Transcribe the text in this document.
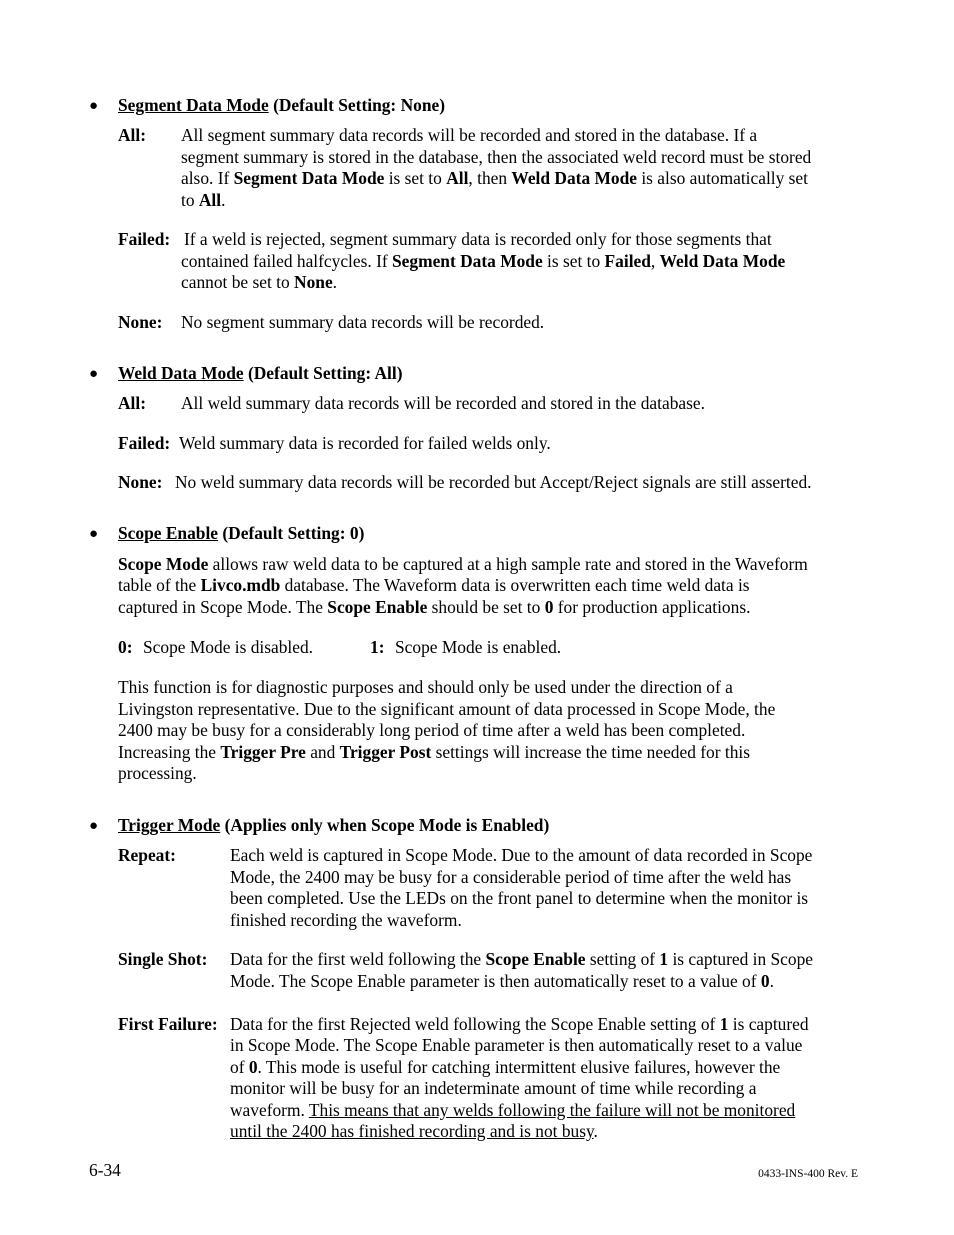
● Segment Data Mode (Default Setting: None)
All: All segment summary data records will be recorded and stored in the database. If a
segment summary is stored in the database, then the associated weld record must be stored
also. If Segment Data Mode is set to All, then Weld Data Mode is also automatically set
to All.
Failed: If a weld is rejected, segment summary data is recorded only for those segments that
contained failed halfcycles. If Segment Data Mode is set to Failed, Weld Data Mode
cannot be set to None.
None: No segment summary data records will be recorded.
● Weld Data Mode (Default Setting: All)
All: All weld summary data records will be recorded and stored in the database.
Failed: Weld summary data is recorded for failed welds only.
None: No weld summary data records will be recorded but Accept/Reject signals are still asserted.
● Scope Enable (Default Setting: 0)
Scope Mode allows raw weld data to be captured at a high sample rate and stored in the Waveform
table of the Livco.mdb database. The Waveform data is overwritten each time weld data is
captured in Scope Mode. The Scope Enable should be set to 0 for production applications.
0: Scope Mode is disabled.	1: Scope Mode is enabled.
This function is for diagnostic purposes and should only be used under the direction of a
Livingston representative. Due to the significant amount of data processed in Scope Mode, the
2400 may be busy for a considerably long period of time after a weld has been completed.
Increasing the Trigger Pre and Trigger Post settings will increase the time needed for this
processing.
● Trigger Mode (Applies only when Scope Mode is Enabled)
Repeat:	Each weld is captured in Scope Mode. Due to the amount of data recorded in Scope
Mode, the 2400 may be busy for a considerable period of time after the weld has
been completed. Use the LEDs on the front panel to determine when the monitor is
finished recording the waveform.
Single Shot: Data for the first weld following the Scope Enable setting of 1 is captured in Scope
Mode. The Scope Enable parameter is then automatically reset to a value of 0.
First Failure: Data for the first Rejected weld following the Scope Enable setting of 1 is captured
in Scope Mode. The Scope Enable parameter is then automatically reset to a value
of 0. This mode is useful for catching intermittent elusive failures, however the
monitor will be busy for an indeterminate amount of time while recording a
waveform. This means that any welds following the failure will not be monitored
until the 2400 has finished recording and is not busy.
6-34	0433-INS-400 Rev. E
